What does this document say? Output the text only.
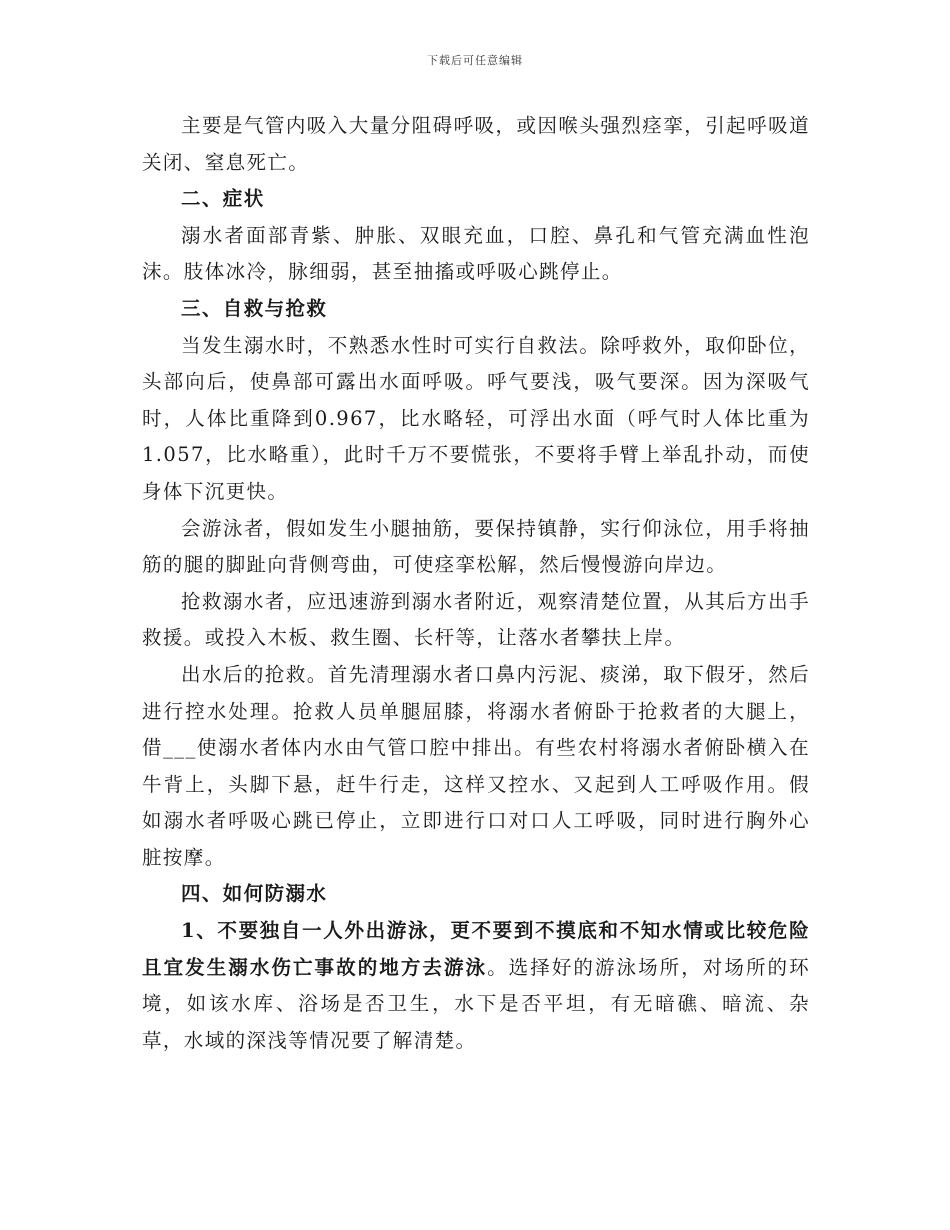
下载后可任意编辑

主要是气管内吸入大量分阻碍呼吸，或因喉头强烈痉挛，引起呼吸道关闭、窒息死亡。

二、症状

溺水者面部青紫、肿胀、双眼充血，口腔、鼻孔和气管充满血性泡沫。肢体冰冷，脉细弱，甚至抽搐或呼吸心跳停止。

三、自救与抢救

当发生溺水时，不熟悉水性时可实行自救法。除呼救外，取仰卧位，头部向后，使鼻部可露出水面呼吸。呼气要浅，吸气要深。因为深吸气时，人体比重降到0.967，比水略轻，可浮出水面（呼气时人体比重为1.057，比水略重），此时千万不要慌张，不要将手臂上举乱扑动，而使身体下沉更快。

会游泳者，假如发生小腿抽筋，要保持镇静，实行仰泳位，用手将抽筋的腿的脚趾向背侧弯曲，可使痉挛松解，然后慢慢游向岸边。

抢救溺水者，应迅速游到溺水者附近，观察清楚位置，从其后方出手救援。或投入木板、救生圈、长杆等，让落水者攀扶上岸。

出水后的抢救。首先清理溺水者口鼻内污泥、痰涕，取下假牙，然后进行控水处理。抢救人员单腿屈膝，将溺水者俯卧于抢救者的大腿上，借___使溺水者体内水由气管口腔中排出。有些农村将溺水者俯卧横入在牛背上，头脚下悬，赶牛行走，这样又控水、又起到人工呼吸作用。假如溺水者呼吸心跳已停止，立即进行口对口人工呼吸，同时进行胸外心脏按摩。

四、如何防溺水

1、不要独自一人外出游泳，更不要到不摸底和不知水情或比较危险且宜发生溺水伤亡事故的地方去游泳。选择好的游泳场所，对场所的环境，如该水库、浴场是否卫生，水下是否平坦，有无暗礁、暗流、杂草，水域的深浅等情况要了解清楚。
